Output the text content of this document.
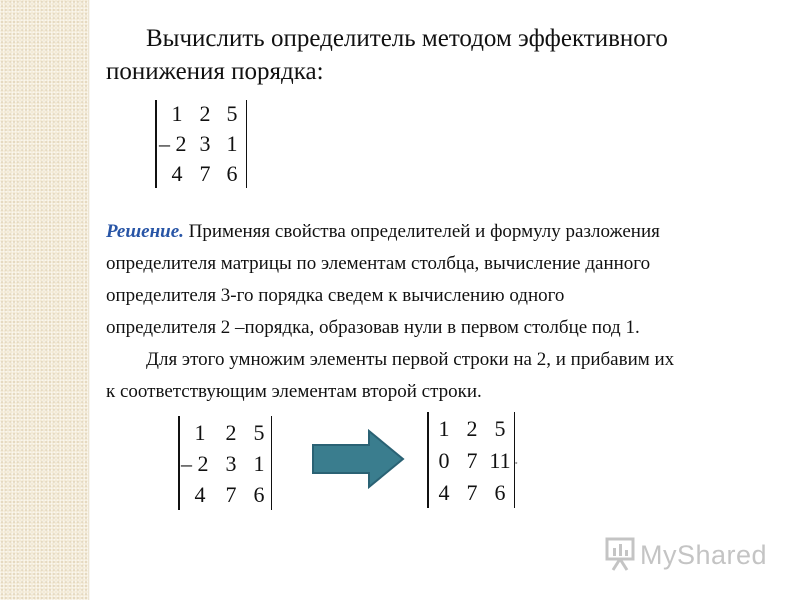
Вычислить определитель методом эффективного
понижения порядка:
1 2 5
– 2 3 1
4 7 6
Решение. Применяя свойства определителей и формулу разложения
определителя матрицы по элементам столбца, вычисление данного
определителя 3-го порядка сведем к вычислению одного
определителя 2 –порядка, образовав нули в первом столбце под 1.
Для этого умножим элементы первой строки на 2, и прибавим их
к соответствующим элементам второй строки.
1 2 5
– 2 3 1
4 7 6
1 2 5
0 7 11
4 7 6
.
MyShared
